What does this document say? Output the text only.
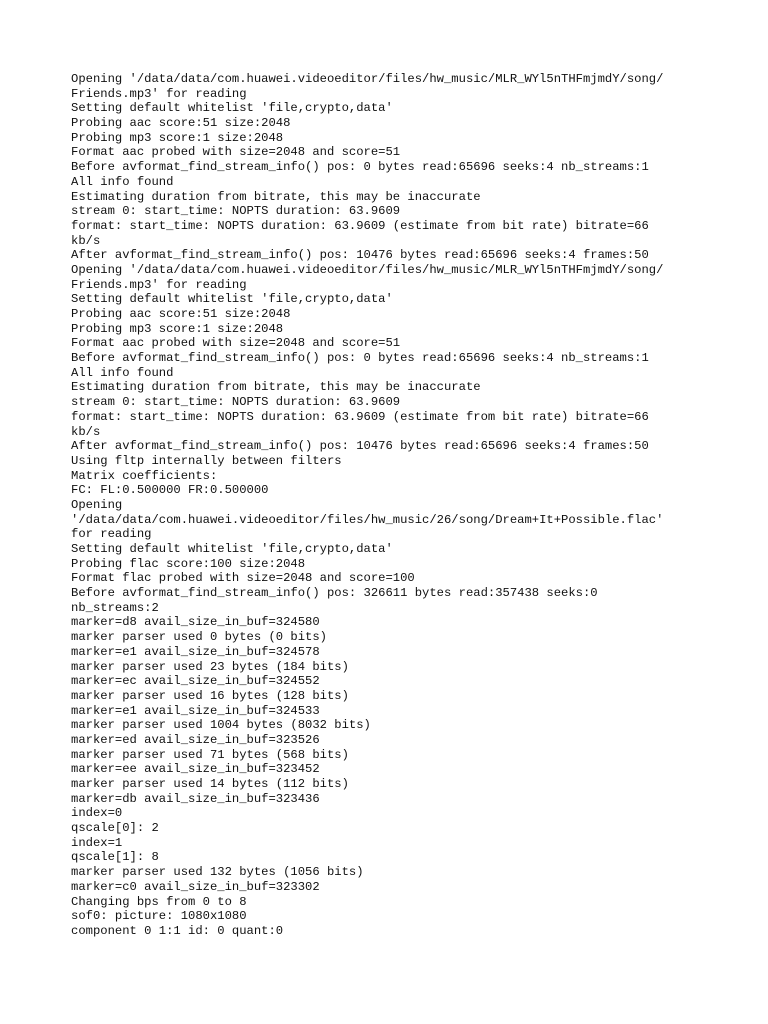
Opening '/data/data/com.huawei.videoeditor/files/hw_music/MLR_WYl5nTHFmjmdY/song/
Friends.mp3' for reading
Setting default whitelist 'file,crypto,data'
Probing aac score:51 size:2048
Probing mp3 score:1 size:2048
Format aac probed with size=2048 and score=51
Before avformat_find_stream_info() pos: 0 bytes read:65696 seeks:4 nb_streams:1
All info found
Estimating duration from bitrate, this may be inaccurate
stream 0: start_time: NOPTS duration: 63.9609
format: start_time: NOPTS duration: 63.9609 (estimate from bit rate) bitrate=66
kb/s
After avformat_find_stream_info() pos: 10476 bytes read:65696 seeks:4 frames:50
Opening '/data/data/com.huawei.videoeditor/files/hw_music/MLR_WYl5nTHFmjmdY/song/
Friends.mp3' for reading
Setting default whitelist 'file,crypto,data'
Probing aac score:51 size:2048
Probing mp3 score:1 size:2048
Format aac probed with size=2048 and score=51
Before avformat_find_stream_info() pos: 0 bytes read:65696 seeks:4 nb_streams:1
All info found
Estimating duration from bitrate, this may be inaccurate
stream 0: start_time: NOPTS duration: 63.9609
format: start_time: NOPTS duration: 63.9609 (estimate from bit rate) bitrate=66
kb/s
After avformat_find_stream_info() pos: 10476 bytes read:65696 seeks:4 frames:50
Using fltp internally between filters
Matrix coefficients:
FC: FL:0.500000 FR:0.500000
Opening
'/data/data/com.huawei.videoeditor/files/hw_music/26/song/Dream+It+Possible.flac'
for reading
Setting default whitelist 'file,crypto,data'
Probing flac score:100 size:2048
Format flac probed with size=2048 and score=100
Before avformat_find_stream_info() pos: 326611 bytes read:357438 seeks:0
nb_streams:2
marker=d8 avail_size_in_buf=324580
marker parser used 0 bytes (0 bits)
marker=e1 avail_size_in_buf=324578
marker parser used 23 bytes (184 bits)
marker=ec avail_size_in_buf=324552
marker parser used 16 bytes (128 bits)
marker=e1 avail_size_in_buf=324533
marker parser used 1004 bytes (8032 bits)
marker=ed avail_size_in_buf=323526
marker parser used 71 bytes (568 bits)
marker=ee avail_size_in_buf=323452
marker parser used 14 bytes (112 bits)
marker=db avail_size_in_buf=323436
index=0
qscale[0]: 2
index=1
qscale[1]: 8
marker parser used 132 bytes (1056 bits)
marker=c0 avail_size_in_buf=323302
Changing bps from 0 to 8
sof0: picture: 1080x1080
component 0 1:1 id: 0 quant:0
